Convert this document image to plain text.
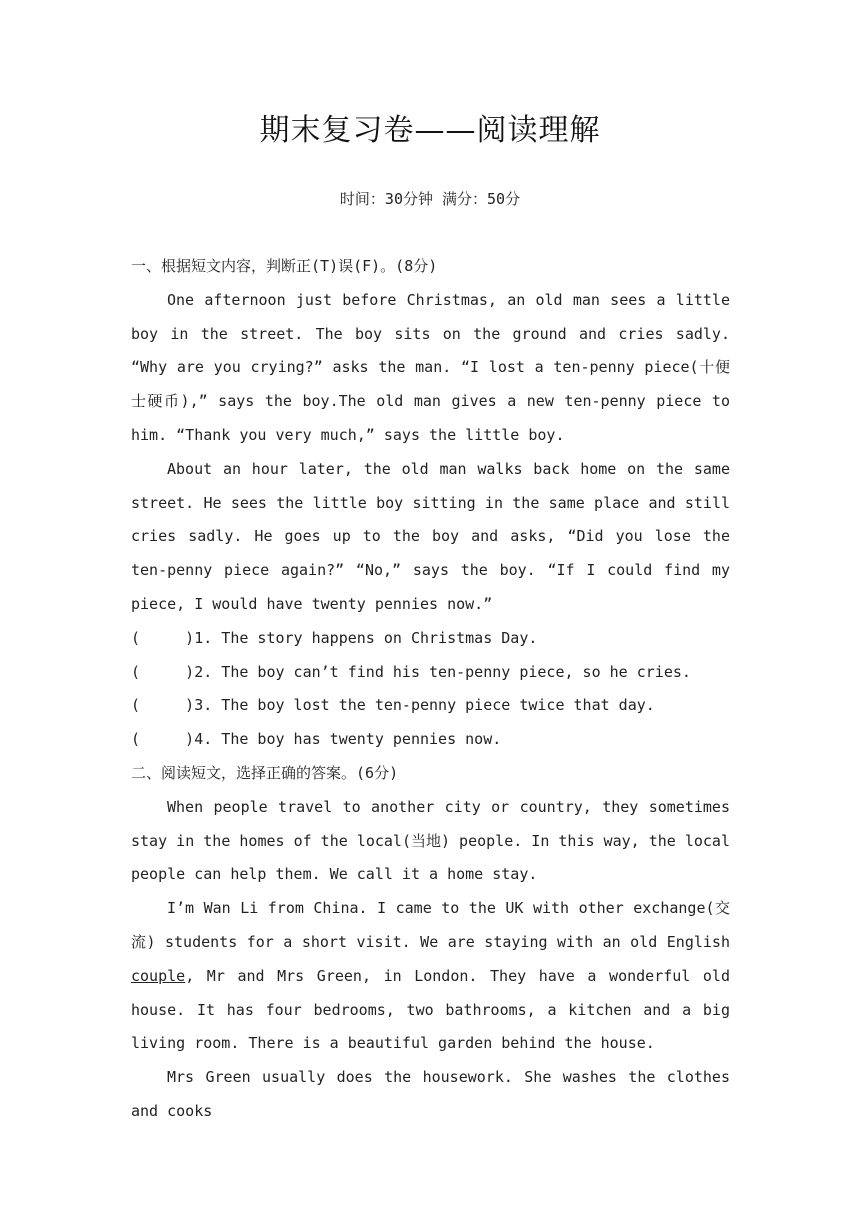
期末复习卷——阅读理解
时间：30分钟 满分：50分

一、根据短文内容，判断正(T)误(F)。(8分)

One afternoon just before Christmas, an old man sees a little boy in the street. The boy sits on the ground and cries sadly. “Why are you crying?” asks the man. “I lost a ten-penny piece(十便士硬币),” says the boy.The old man gives a new ten-penny piece to him. “Thank you very much,” says the little boy.

About an hour later, the old man walks back home on the same street. He sees the little boy sitting in the same place and still cries sadly. He goes up to the boy and asks, “Did you lose the ten-penny piece again?” “No,” says the boy. “If I could find my piece, I would have twenty pennies now.”

(     )1. The story happens on Christmas Day.

(     )2. The boy can’t find his ten-penny piece, so he cries.

(     )3. The boy lost the ten-penny piece twice that day.

(     )4. The boy has twenty pennies now.

二、阅读短文，选择正确的答案。(6分)

When people travel to another city or country, they sometimes stay in the homes of the local(当地) people. In this way, the local people can help them. We call it a home stay.

I’m Wan Li from China. I came to the UK with other exchange(交流) students for a short visit. We are staying with an old English couple, Mr and Mrs Green, in London. They have a wonderful old house. It has four bedrooms, two bathrooms, a kitchen and a big living room. There is a beautiful garden behind the house.

Mrs Green usually does the housework. She washes the clothes and cooks
